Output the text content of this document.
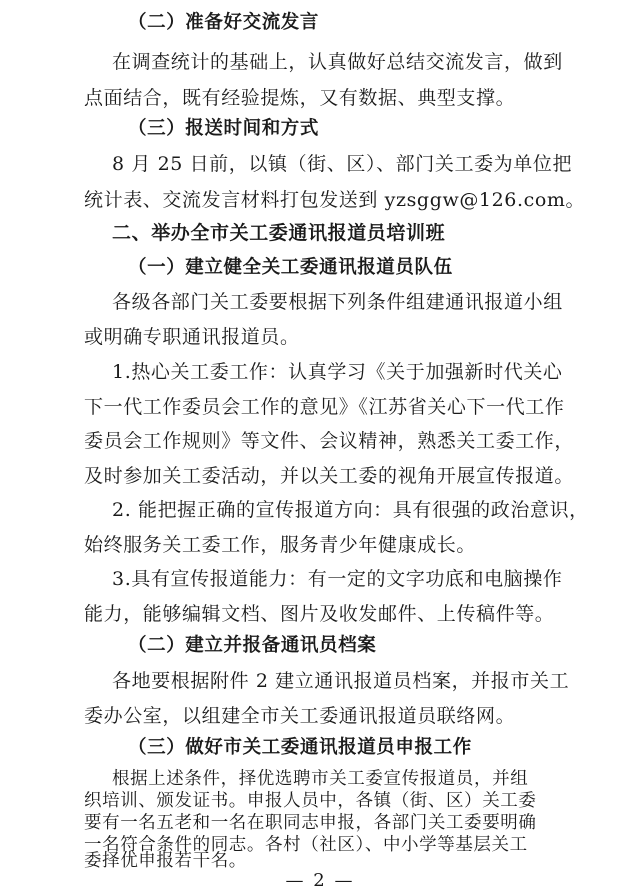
（二）准备好交流发言
在调查统计的基础上，认真做好总结交流发言，做到
点面结合，既有经验提炼，又有数据、典型支撑。
（三）报送时间和方式
8 月 25 日前，以镇（街、区）、部门关工委为单位把
统计表、交流发言材料打包发送到 yzsggw@126.com。
二、举办全市关工委通讯报道员培训班
（一）建立健全关工委通讯报道员队伍
各级各部门关工委要根据下列条件组建通讯报道小组
或明确专职通讯报道员。
1.热心关工委工作：认真学习《关于加强新时代关心
下一代工作委员会工作的意见》《江苏省关心下一代工作
委员会工作规则》等文件、会议精神，熟悉关工委工作，
及时参加关工委活动，并以关工委的视角开展宣传报道。
2. 能把握正确的宣传报道方向：具有很强的政治意识，
始终服务关工委工作，服务青少年健康成长。
3.具有宣传报道能力：有一定的文字功底和电脑操作
能力，能够编辑文档、图片及收发邮件、上传稿件等。
（二）建立并报备通讯员档案
各地要根据附件 2 建立通讯报道员档案，并报市关工
委办公室，以组建全市关工委通讯报道员联络网。
（三）做好市关工委通讯报道员申报工作
根据上述条件，择优选聘市关工委宣传报道员，并组
织培训、颁发证书。申报人员中，各镇（街、区）关工委
— 2 —
要有一名五老和一名在职同志申报，各部门关工委要明确
一名符合条件的同志。各村（社区）、中小学等基层关工
委择优申报若干名。
